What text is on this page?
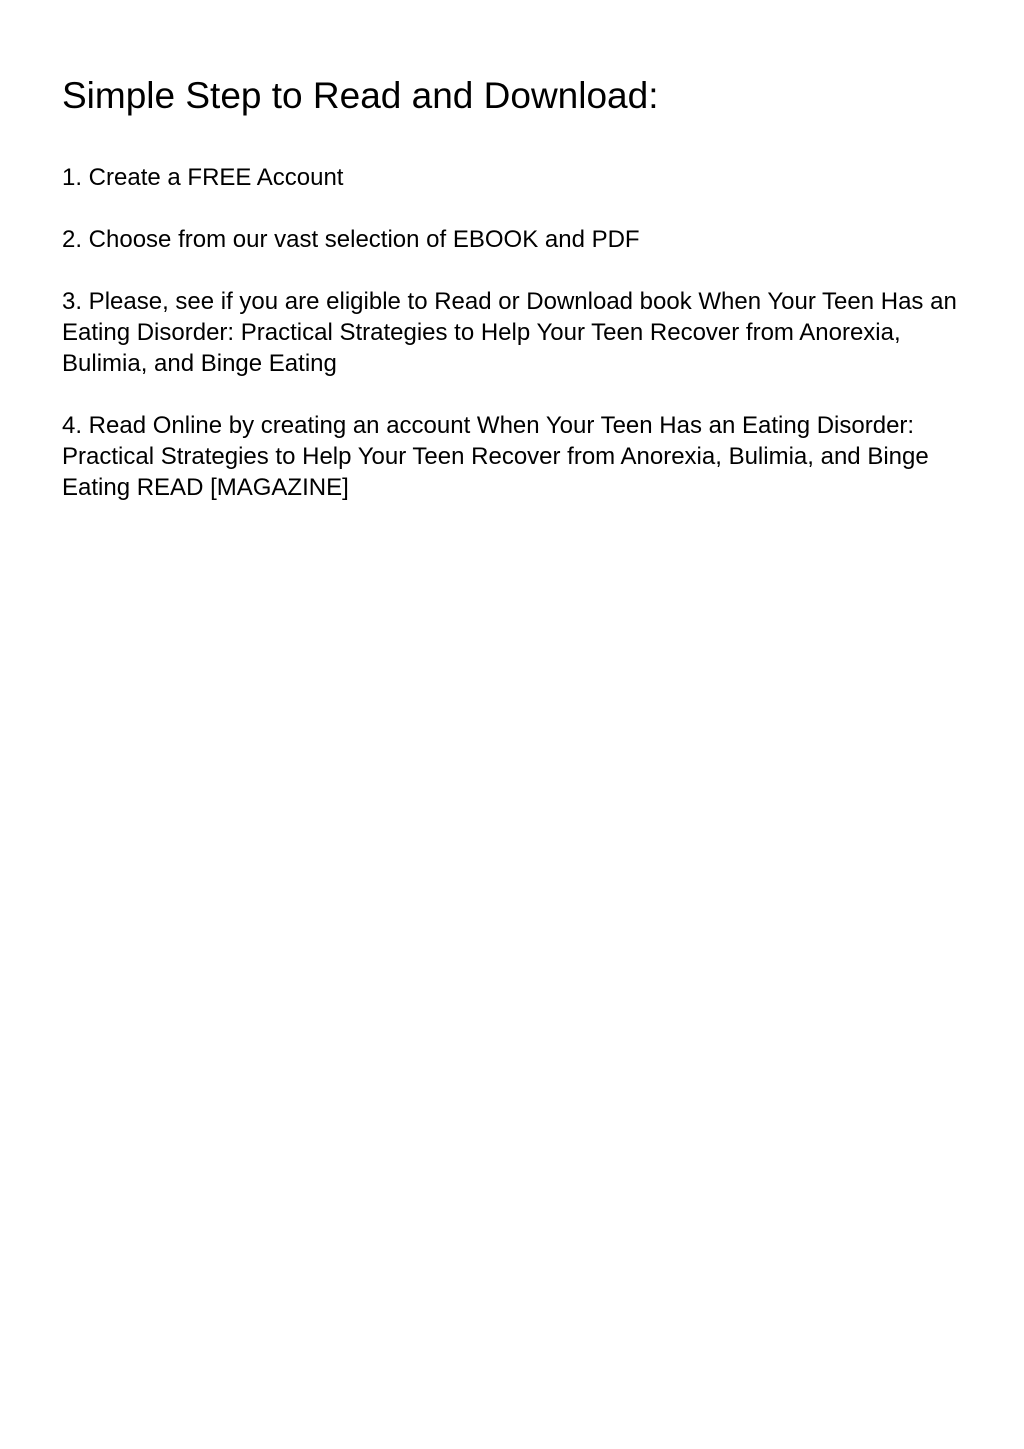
Simple Step to Read and Download:

1. Create a FREE Account

2. Choose from our vast selection of EBOOK and PDF

3. Please, see if you are eligible to Read or Download book When Your Teen Has an Eating Disorder: Practical Strategies to Help Your Teen Recover from Anorexia, Bulimia, and Binge Eating

4. Read Online by creating an account When Your Teen Has an Eating Disorder: Practical Strategies to Help Your Teen Recover from Anorexia, Bulimia, and Binge Eating READ [MAGAZINE]
